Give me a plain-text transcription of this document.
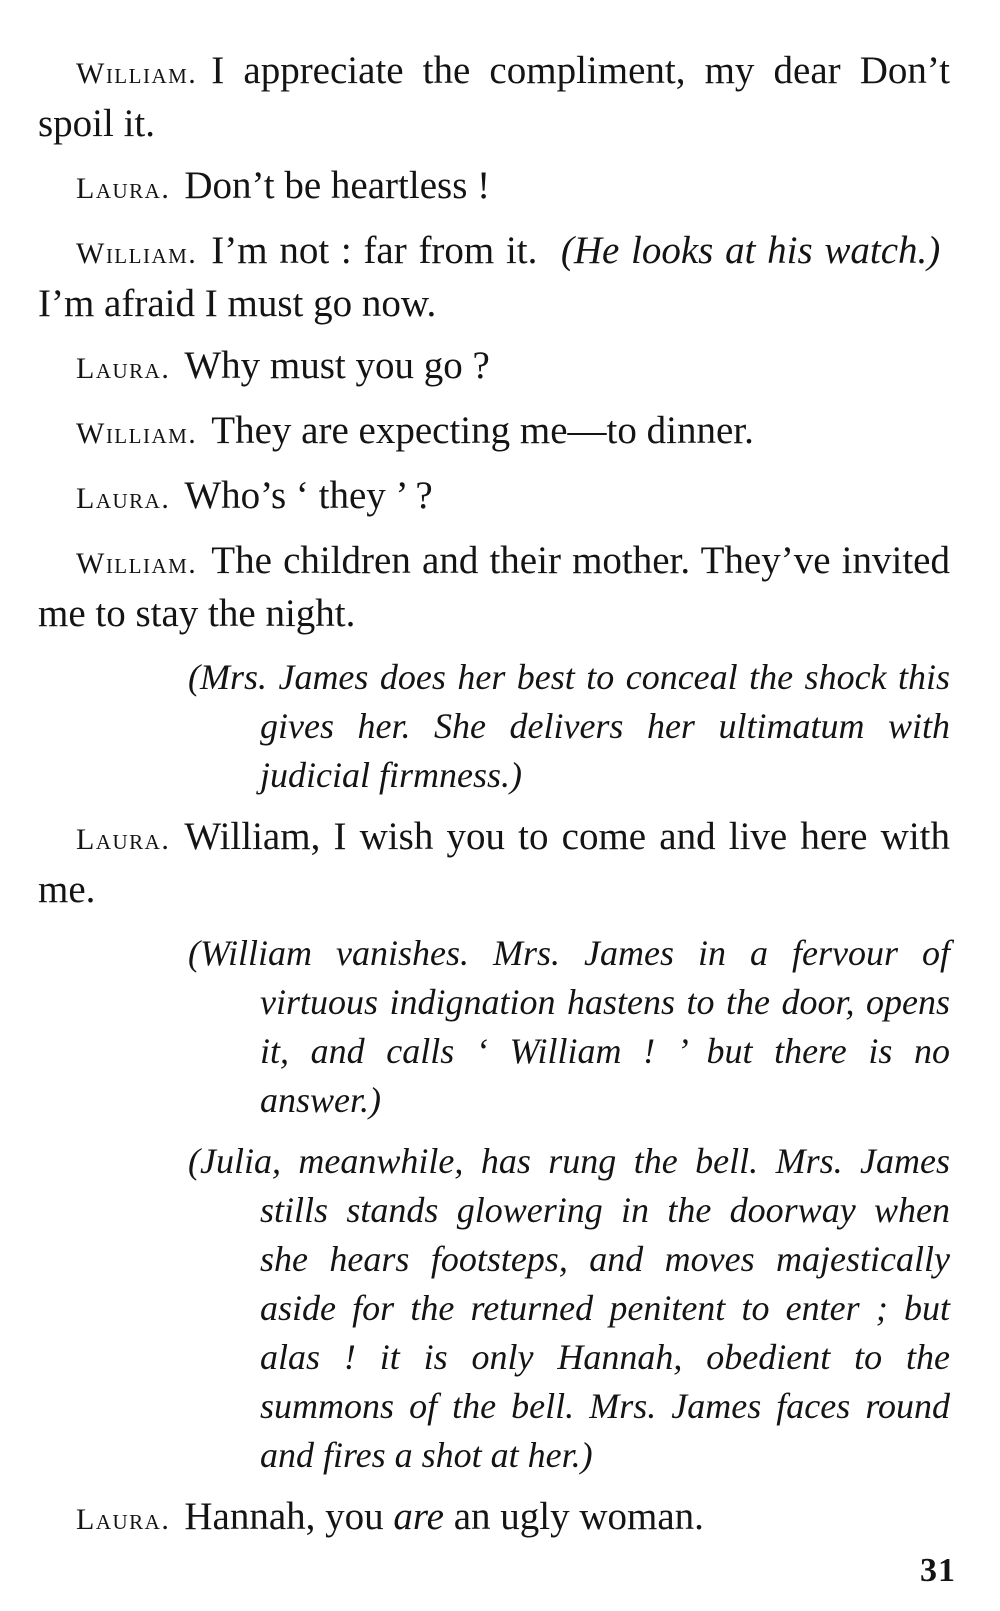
William. I appreciate the compliment, my dear Don’t spoil it.

Laura. Don’t be heartless !

William. I’m not : far from it. (He looks at his watch.)  I’m afraid I must go now.

Laura. Why must you go ?

William. They are expecting me—to dinner.

Laura. Who’s ‘ they ’ ?

William. The children and their mother. They’ve invited me to stay the night.

(Mrs. James does her best to conceal the shock this gives her. She delivers her ultimatum with judicial firmness.)

Laura. William, I wish you to come and live here with me.

(William vanishes. Mrs. James in a fervour of virtuous indignation hastens to the door, opens it, and calls ‘ William ! ’ but there is no answer.)

(Julia, meanwhile, has rung the bell. Mrs. James stills stands glowering in the doorway when she hears footsteps, and moves majestically aside for the returned penitent to enter ; but alas ! it is only Hannah, obedient to the summons of the bell. Mrs. James faces round and fires a shot at her.)

Laura. Hannah, you are an ugly woman.

31
